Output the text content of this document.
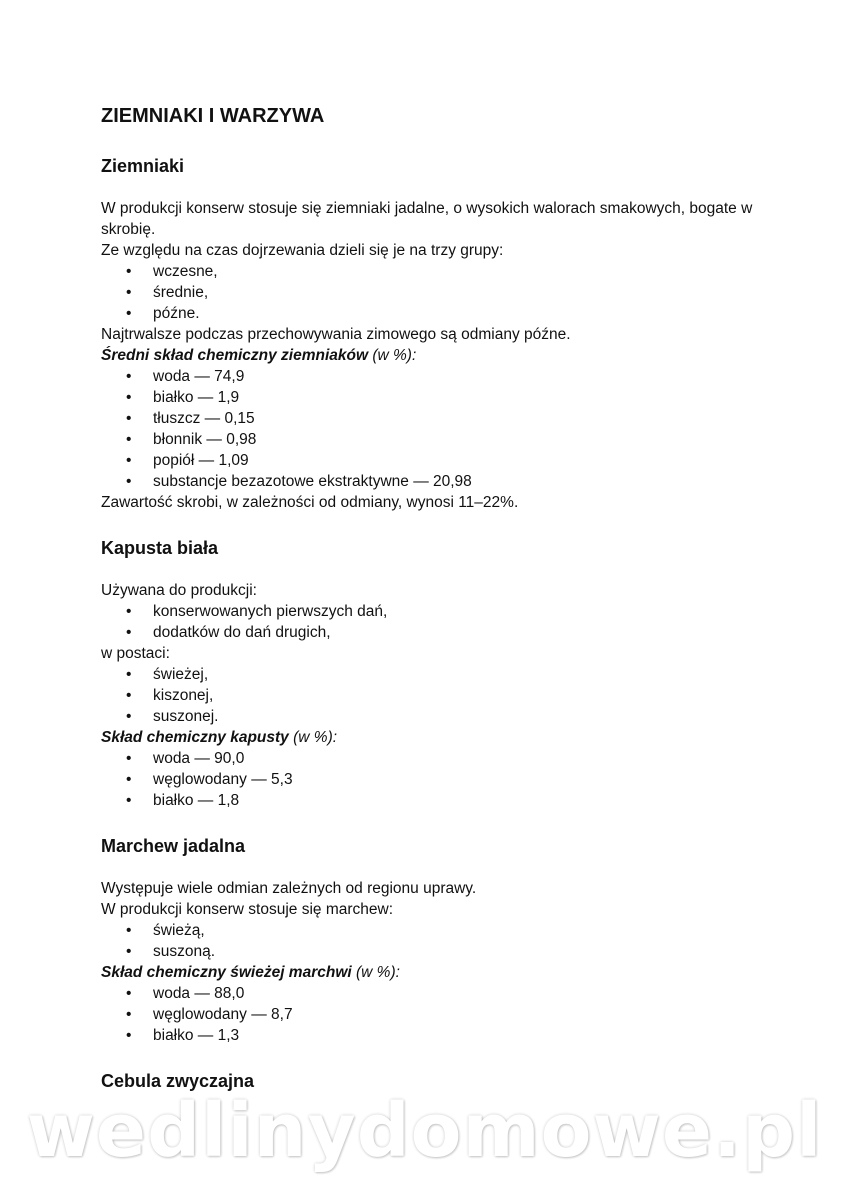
ZIEMNIAKI I WARZYWA
Ziemniaki

W produkcji konserw stosuje się ziemniaki jadalne, o wysokich walorach smakowych, bogate w skrobię.

Ze względu na czas dojrzewania dzieli się je na trzy grupy:

• wczesne,
• średnie,
• późne.

Najtrwalsze podczas przechowywania zimowego są odmiany późne.

Średni skład chemiczny ziemniaków (w %):

• woda — 74,9
• białko — 1,9
• tłuszcz — 0,15
• błonnik — 0,98
• popiół — 1,09
• substancje bezazotowe ekstraktywne — 20,98

Zawartość skrobi, w zależności od odmiany, wynosi 11–22%.

Kapusta biała

Używana do produkcji:

• konserwowanych pierwszych dań,
• dodatków do dań drugich,

w postaci:

• świeżej,
• kiszonej,
• suszonej.

Skład chemiczny kapusty (w %):

• woda — 90,0
• węglowodany — 5,3
• białko — 1,8
Marchew jadalna

Występuje wiele odmian zależnych od regionu uprawy.

W produkcji konserw stosuje się marchew:

• świeżą,
• suszoną.

Skład chemiczny świeżej marchwi (w %):

• woda — 88,0
• węglowodany — 8,7
• białko — 1,3
Cebula zwyczajna
wedlinydomowe.pl
